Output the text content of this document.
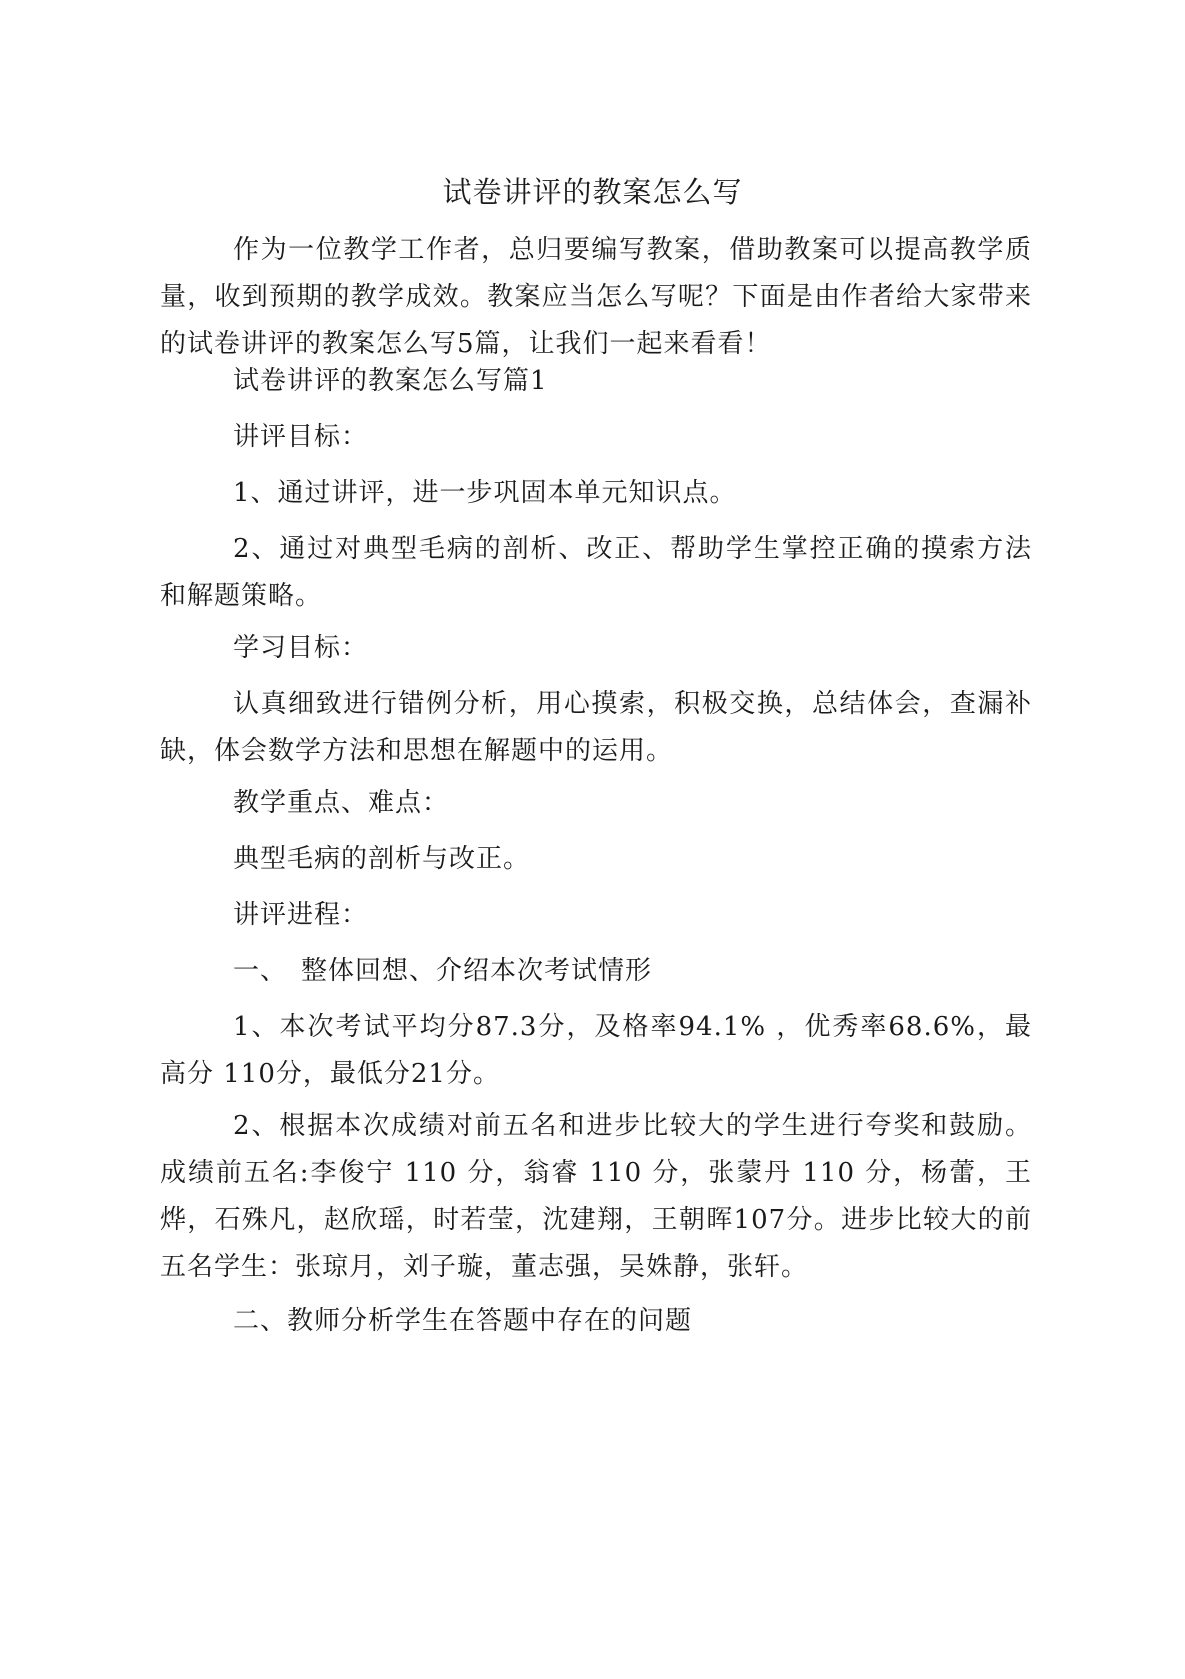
试卷讲评的教案怎么写

作为一位教学工作者，总归要编写教案，借助教案可以提高教学质量，收到预期的教学成效。教案应当怎么写呢？下面是由作者给大家带来的试卷讲评的教案怎么写5篇，让我们一起来看看！

试卷讲评的教案怎么写篇1

讲评目标：

1、通过讲评，进一步巩固本单元知识点。

2、通过对典型毛病的剖析、改正、帮助学生掌控正确的摸索方法和解题策略。

学习目标：

认真细致进行错例分析，用心摸索，积极交换，总结体会，查漏补缺，体会数学方法和思想在解题中的运用。

教学重点、难点：

典型毛病的剖析与改正。

讲评进程：

一、　整体回想、介绍本次考试情形

1、本次考试平均分87.3分，及格率94.1% ，优秀率68.6%，最高分 110分，最低分21分。

2、根据本次成绩对前五名和进步比较大的学生进行夸奖和鼓励。成绩前五名:李俊宁 110 分，翁睿 110 分，张蒙丹 110 分，杨蕾，王烨，石殊凡，赵欣瑶，时若莹，沈建翔，王朝晖107分。进步比较大的前五名学生：张琼月，刘子璇，董志强，吴姝静，张轩。

二、教师分析学生在答题中存在的问题
